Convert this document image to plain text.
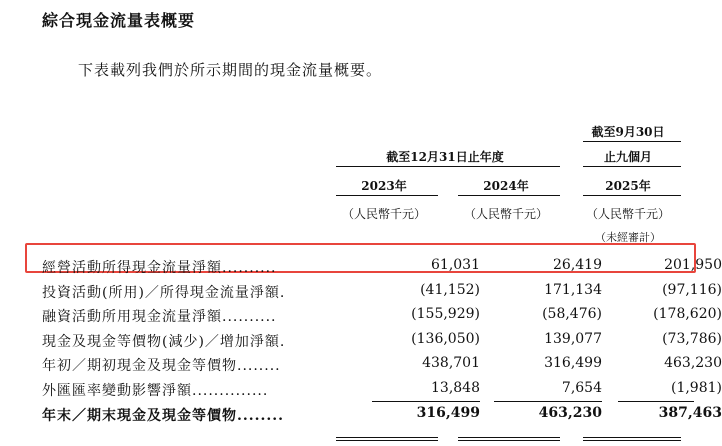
綜合現金流量表概要
下表載列我們於所示期間的現金流量概要。
截至9月30日
截至12月31日止年度	止九個月
2023年	2024年	2025年
（人民幣千元）	（人民幣千元）	（人民幣千元）
（未經審計）
經營活動所得現金流量淨額..........	61,031	26,419	201,950
投資活動(所用)／所得現金流量淨額.	(41,152)	171,134	(97,116)
融資活動所用現金流量淨額..........	(155,929)	(58,476)	(178,620)
現金及現金等價物(減少)／增加淨額.	(136,050)	139,077	(73,786)
年初／期初現金及現金等價物........	438,701	316,499	463,230
外匯匯率變動影響淨額..............	13,848	7,654	(1,981)
年末／期末現金及現金等價物........	316,499	463,230	387,463
